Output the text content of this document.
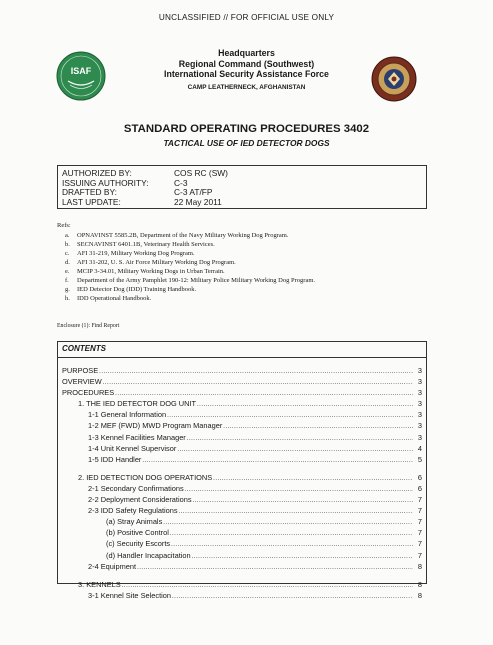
UNCLASSIFIED // FOR OFFICIAL USE ONLY
ISAF
Headquarters
Regional Command (Southwest)
International Security Assistance Force
CAMP LEATHERNECK, AFGHANISTAN
STANDARD OPERATING PROCEDURES 3402
TACTICAL USE OF IED DETECTOR DOGS
AUTHORIZED BY:	COS RC (SW)
ISSUING AUTHORITY:	C-3
DRAFTED BY:	C-3 AT/FP
LAST UPDATE:	22 May 2011
Refs:
a.	OPNAVINST 5585.2B, Department of the Navy Military Working Dog Program.
b.	SECNAVINST 6401.1B, Veterinary Health Services.
c.	AFI 31-219, Military Working Dog Program.
d.	AFI 31-202, U. S. Air Force Military Working Dog Program.
e.	MCIP 3-34.01, Military Working Dogs in Urban Terrain.
f.	Department of the Army Pamphlet 190-12: Military Police Military Working Dog Program.
g.	IED Detector Dog (IDD) Training Handbook.
h.	IDD Operational Handbook.
Enclosure (1): Find Report
CONTENTS
PURPOSE .....	3
OVERVIEW .....	3
PROCEDURES .....	3
1. THE IED DETECTOR DOG UNIT .....	3
1-1 General Information .....	3
1-2 MEF (FWD) MWD Program Manager .....	3
1-3 Kennel Facilities Manager .....	3
1-4 Unit Kennel Supervisor .....	4
1-5 IDD Handler .....	5
2. IED DETECTION DOG OPERATIONS .....	6
2-1 Secondary Confirmations .....	6
2-2 Deployment Considerations .....	7
2-3 IDD Safety Regulations .....	7
(a) Stray Animals .....	7
(b) Positive Control .....	7
(c) Security Escorts .....	7
(d) Handler Incapacitation .....	7
2-4 Equipment .....	8
3. KENNELS .....	8
3-1 Kennel Site Selection .....	8
